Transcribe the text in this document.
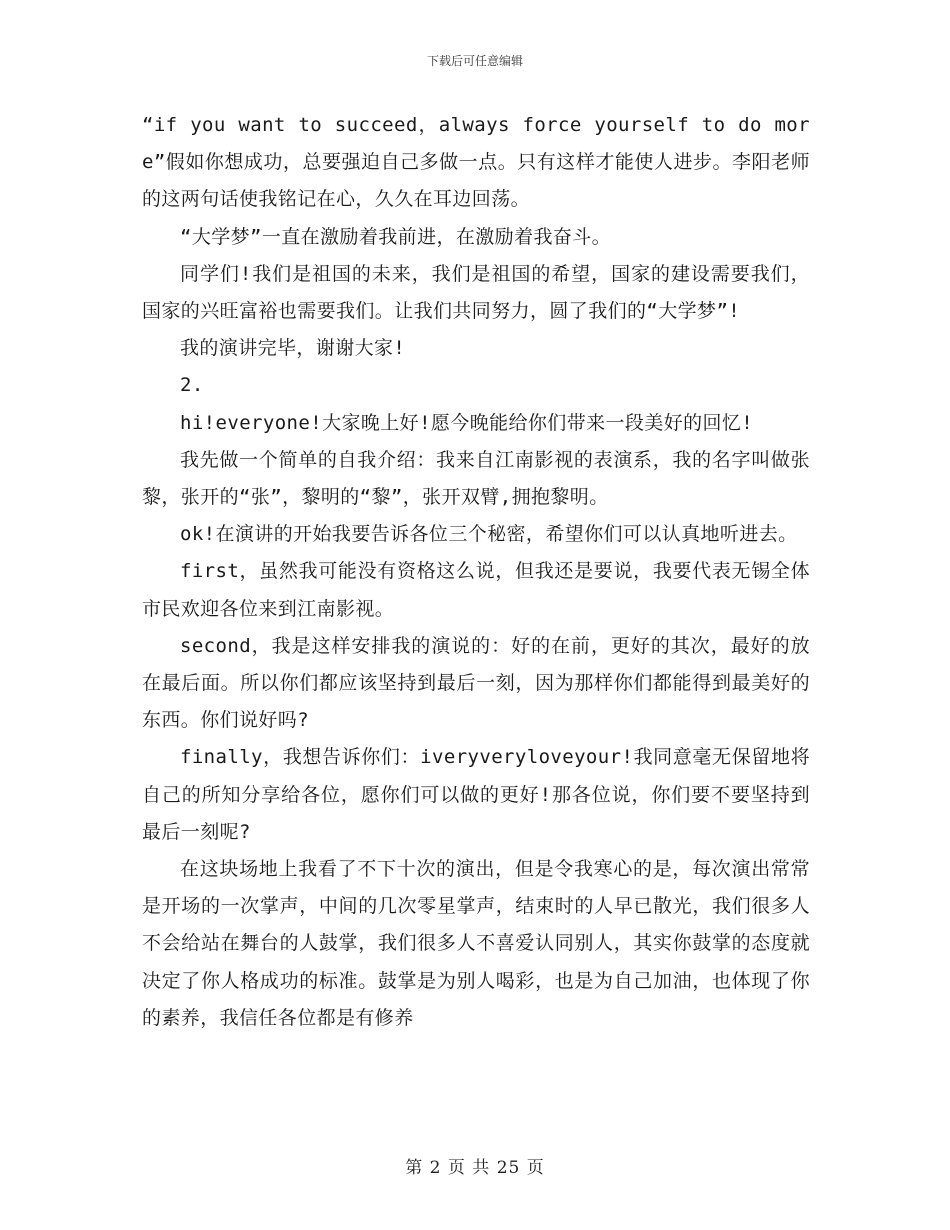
下载后可任意编辑

“if you want to succeed，always force yourself to do more”假如你想成功，总要强迫自己多做一点。只有这样才能使人进步。李阳老师的这两句话使我铭记在心，久久在耳边回荡。

“大学梦”一直在激励着我前进，在激励着我奋斗。

同学们!我们是祖国的未来，我们是祖国的希望，国家的建设需要我们，国家的兴旺富裕也需要我们。让我们共同努力，圆了我们的“大学梦”!

我的演讲完毕，谢谢大家!

2.

hi!everyone!大家晚上好!愿今晚能给你们带来一段美好的回忆!

我先做一个简单的自我介绍：我来自江南影视的表演系，我的名字叫做张黎，张开的“张”，黎明的“黎”，张开双臂,拥抱黎明。

ok!在演讲的开始我要告诉各位三个秘密，希望你们可以认真地听进去。

first，虽然我可能没有资格这么说，但我还是要说，我要代表无锡全体市民欢迎各位来到江南影视。

second，我是这样安排我的演说的：好的在前，更好的其次，最好的放在最后面。所以你们都应该坚持到最后一刻，因为那样你们都能得到最美好的东西。你们说好吗?

finally，我想告诉你们：iveryveryloveyour!我同意毫无保留地将自己的所知分享给各位，愿你们可以做的更好!那各位说，你们要不要坚持到最后一刻呢?

在这块场地上我看了不下十次的演出，但是令我寒心的是，每次演出常常是开场的一次掌声，中间的几次零星掌声，结束时的人早已散光，我们很多人不会给站在舞台的人鼓掌，我们很多人不喜爱认同别人，其实你鼓掌的态度就决定了你人格成功的标准。鼓掌是为别人喝彩，也是为自己加油，也体现了你的素养，我信任各位都是有修养

第 2 页 共 25 页
